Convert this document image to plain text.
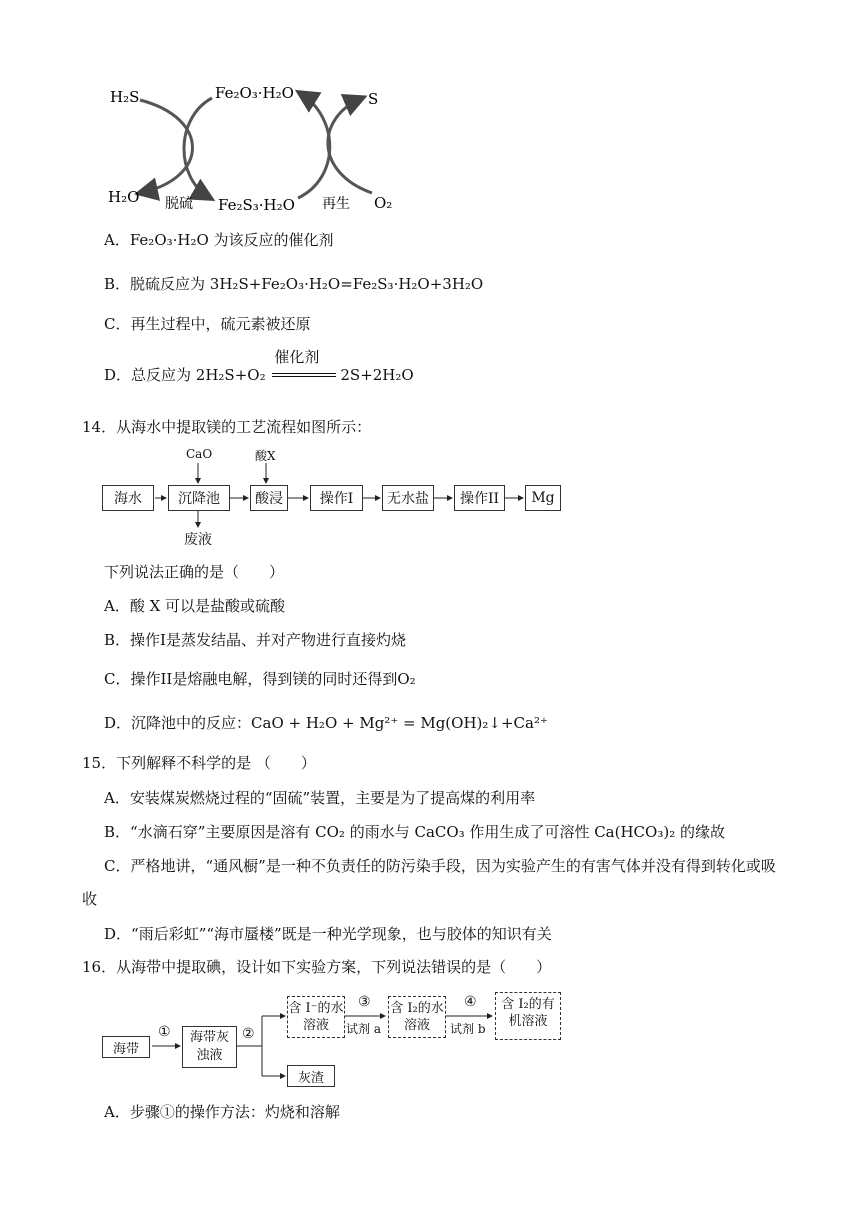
H₂S	Fe₂O₃·H₂O	S
H₂O 脱硫 Fe₂S₃·H₂O 再生 O₂
A．Fe₂O₃·H₂O 为该反应的催化剂
B．脱硫反应为 3H₂S+Fe₂O₃·H₂O=Fe₂S₃·H₂O+3H₂O
C．再生过程中，硫元素被还原
D．总反应为 2H₂S+O₂
催化剂
2S+2H₂O
14．从海水中提取镁的工艺流程如图所示：
CaO	酸X
海水	沉降池	酸浸	操作I	无水盐	操作II	Mg
废液
下列说法正确的是（　　）
A．酸 X 可以是盐酸或硫酸
B．操作I是蒸发结晶、并对产物进行直接灼烧
C．操作II是熔融电解，得到镁的同时还得到O₂
D．沉降池中的反应：CaO + H₂O + Mg²⁺ = Mg(OH)₂↓+Ca²⁺
15．下列解释不科学的是 （　　）
A．安装煤炭燃烧过程的“固硫”装置，主要是为了提高煤的利用率
B．“水滴石穿”主要原因是溶有 CO₂ 的雨水与 CaCO₃ 作用生成了可溶性 Ca(HCO₃)₂ 的缘故
C．严格地讲，“通风橱”是一种不负责任的防污染手段，因为实验产生的有害气体并没有得到转化或吸
收
D．“雨后彩虹”“海市蜃楼”既是一种光学现象，也与胶体的知识有关
16．从海带中提取碘，设计如下实验方案，下列说法错误的是（　　）
海带
①	海带灰浊液
②
含 I⁻的水溶液
③
试剂 a
含 I₂的水溶液
④
试剂 b
含 I₂的有机溶液
灰渣
A．步骤①的操作方法：灼烧和溶解
